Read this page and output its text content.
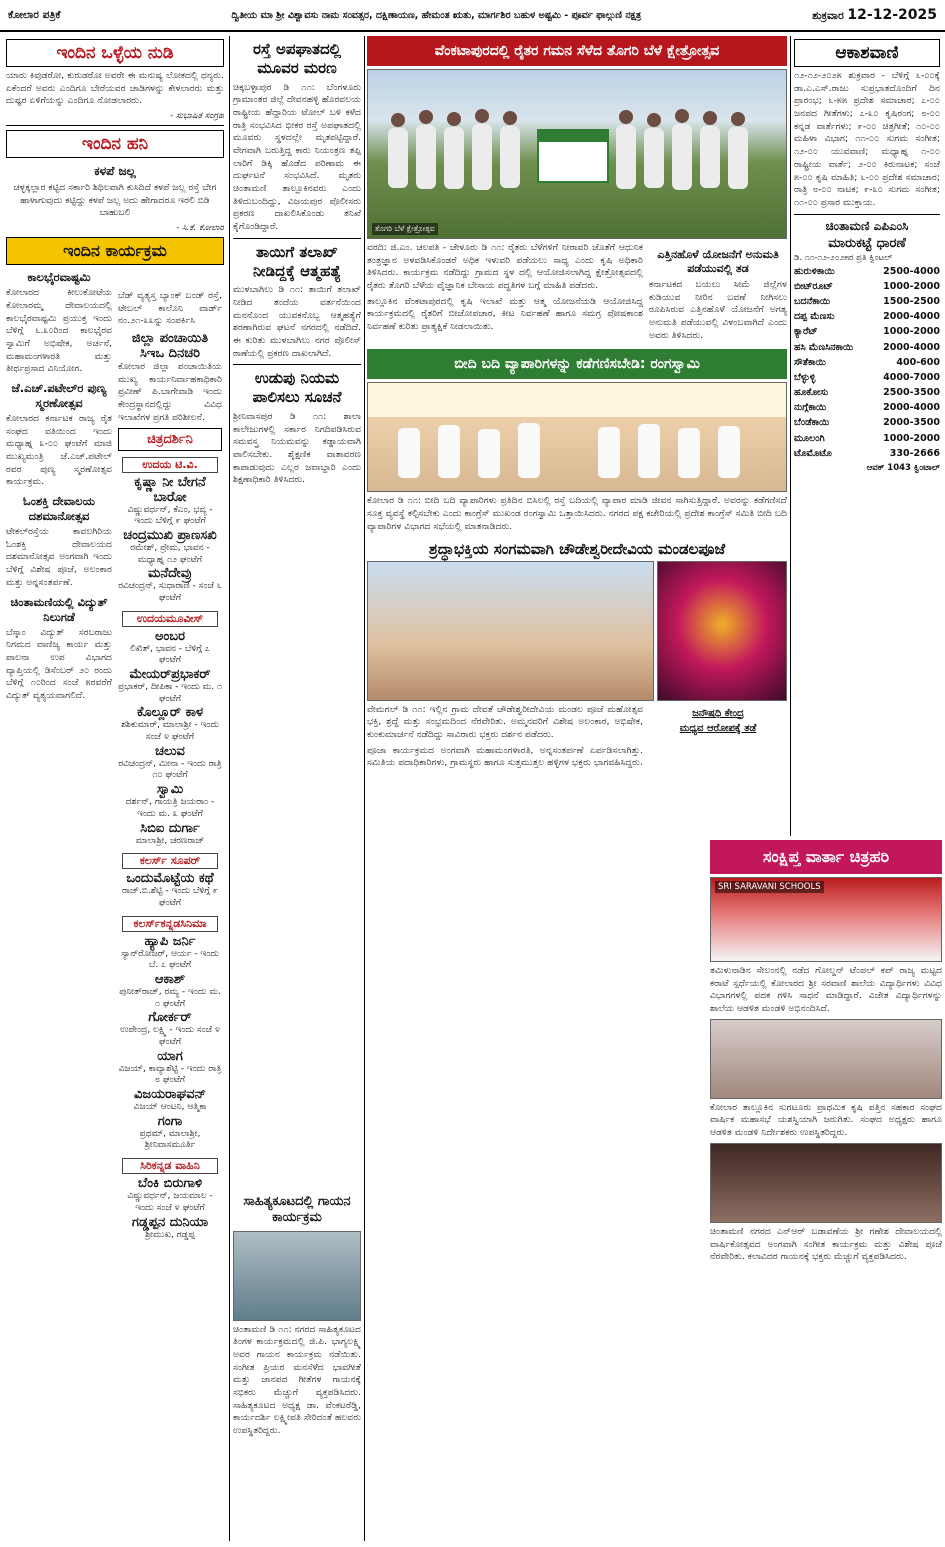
ಕೋಲಾರ ಪತ್ರಿಕೆ	ದ್ವಿತೀಯ ಮಾ ಶ್ರೀ ವಿಶ್ವಾವಸು ನಾಮ ಸಂವತ್ಸರ, ದಕ್ಷಿಣಾಯಣ, ಹೇಮಂತ ಋತು, ಮಾರ್ಗಶಿರ ಬಹುಳ ಅಷ್ಟಮಿ - ಪೂರ್ವ ಫಾಲ್ಗುಣಿ ನಕ್ಷತ್ರ	ಶುಕ್ರವಾರ 12-12-2025
ಇಂದಿನ ಒಳ್ಳೆಯ ನುಡಿ
ಯಾರು ಕಿವುಡರೋ, ಕುರುಡರೋ ಅವರೇ ಈ ಮನುಷ್ಯ ಲೋಕದಲ್ಲಿ ಧನ್ಯರು. ಏಕೆಂದರೆ ಅವರು ಎಂದಿಗೂ ಬೇರೆಯವರ ಚಾಡಿಗಳನ್ನು ಕೇಳಲಾರರು ಮತ್ತು ದುಷ್ಟರ ಏಳಿಗೆಯನ್ನು ಎಂದಿಗೂ ನೋಡಲಾರರು.
- ಸುಭಾಷಿತ ಸಂಗ್ರಹ
ಇಂದಿನ ಹನಿ
ಕಳಪೆ ಜಲ್ಲ
ಚಳ್ಳಕ್ಕಲ್ಲಾರ ಕಟ್ಟಿದ ಸರ್ಕಾರಿ ಶಿಥಿಲವಾಗಿ ಕುಸಿದಿದೆ ಕಳಪೆ ಜಲ್ಲ ರಸ್ತೆ ಬೇಗ ಹಾಳಾಗುವುದು ಕಟ್ಟಿದ್ದು ಕಳಪೆ ಜಲ್ಲ ಅದು ಹೇಗಾದರೂ ಇರಲಿ ಬಿಡಿ ಬಾಹುಬಲಿ
- ಸಿ.ಕೆ. ಕೋಲಾರ
ಇಂದಿನ ಕಾರ್ಯಕ್ರಮ
ಕಾಲಭೈರವಾಷ್ಟಮಿ
ಕೋಲಾರದ ಕೀಲುಕೋಟೆಯ ಕೋಲಾರಮ್ಮ ದೇವಾಲಯದಲ್ಲಿ ಕಾಲಭೈರವಾಷ್ಟಮಿ ಪ್ರಯುಕ್ತ ಇಂದು ಬೆಳಿಗ್ಗೆ ೬.೩೦ರಿಂದ ಕಾಲಭೈರವ ಸ್ವಾಮಿಗೆ ಅಭಿಷೇಕ, ಅರ್ಚನೆ, ಮಹಾಮಂಗಳಾರತಿ ಮತ್ತು ತೀರ್ಥಪ್ರಸಾದ ವಿನಿಯೋಗ.
ಜೆ.ಎಚ್.ಪಟೇಲ್‌ರ ಪುಣ್ಯ ಸ್ಮರಣೋತ್ಸವ
ಕೋಲಾರದ ಕರ್ನಾಟಕ ರಾಜ್ಯ ರೈತ ಸಂಘದ ವತಿಯಿಂದ ಇಂದು ಮಧ್ಯಾಹ್ನ ೩-೦೦ ಘಂಟೆಗೆ ಮಾಜಿ ಮುಖ್ಯಮಂತ್ರಿ ಜೆ.ಎಚ್.ಪಟೇಲ್ ರವರ ಪುಣ್ಯ ಸ್ಮರಣೋತ್ಸವ ಕಾರ್ಯಕ್ರಮ.
ಓಂಶಕ್ತಿ ದೇವಾಲಯ ದಶಮಾನೋತ್ಸವ
ಟೇಕಲ್‌ರಸ್ತೆಯ ಕಾವಲಗಿರಿಯ ಓಂಶಕ್ತಿ ದೇವಾಲಯದ ದಶಮಾನೋತ್ಸವ ಅಂಗವಾಗಿ ಇಂದು ಬೆಳಿಗ್ಗೆ ವಿಶೇಷ ಪೂಜೆ, ಅಲಂಕಾರ ಮತ್ತು ಅನ್ನಸಂತರ್ಪಣೆ.
ಚಿಂತಾಮಣಿಯಲ್ಲಿ ವಿದ್ಯುತ್ ನಿಲುಗಡೆ
ಬೆಸ್ಕಾಂ ವಿದ್ಯುತ್ ಸರಬರಾಜು ನಿಗಮದ ವಾಣಿಜ್ಯ ಕಾರ್ಯ ಮತ್ತು ಪಾಲನಾ ಉಪ ವಿಭಾಗದ ವ್ಯಾಪ್ತಿಯಲ್ಲಿ ಡಿಸೆಂಬರ್ ೨೦ ರಂದು ಬೆಳಿಗ್ಗೆ ೧೦ರಿಂದ ಸಂಜೆ ೫ರವರೆಗೆ ವಿದ್ಯುತ್ ವ್ಯತ್ಯಯವಾಗಲಿದೆ.
ಬೆಡ್ ವ್ಯತ್ಯಸ್ತ ಬ್ಯಾಂಕ್ ಬಂಡ್ ರಸ್ತೆ, ಟೇಬಲ್ ಕಾಲೊನಿ ವಾರ್ಡ್ ನಂ.೨೧-೩೩ನ್ನು ಸಂಪರ್ಕಿಸಿ
ಜಿಲ್ಲಾ ಪಂಚಾಯಿತಿ
ಸಿಇಒ ದಿನಚರಿ
ಕೋಲಾರ ಜಿಲ್ಲಾ ಪಂಚಾಯಿತಿಯ ಮುಖ್ಯ ಕಾರ್ಯನಿರ್ವಾಹಕಾಧಿಕಾರಿ ಪ್ರವೀಣ್ ಪಿ.ಬಾಗೇವಾಡಿ ಇಂದು ಕೇಂದ್ರಸ್ಥಾನದಲ್ಲಿದ್ದು ವಿವಿಧ ಇಲಾಖೆಗಳ ಪ್ರಗತಿ ಪರಿಶೀಲನೆ.
ಚಿತ್ರದರ್ಶಿನಿ
ಉದಯ ಟಿ.ವಿ.
ಕೃಷ್ಣಾ ನೀ ಬೇಗನೆ ಬಾರೋ
ವಿಷ್ಣುವರ್ಧನ್, ಕೆಎಂ, ಭವ್ಯ - ಇಂದು ಬೆಳಿಗ್ಗೆ ೯ ಘಂಟೆಗೆ
ಚಂದ್ರಮುಖಿ ಪ್ರಾಣಸಖಿ
ರಮೇಶ್, ಪ್ರೇಮ, ಭಾವನ - ಮಧ್ಯಾಹ್ನ ೧೨ ಘಂಟೆಗೆ
ಮನೆದೇವ್ರು
ರವಿಚಂದ್ರನ್, ಸುಧಾರಾಣಿ - ಸಂಜೆ ೬ ಘಂಟೆಗೆ
ಉದಯಮೂವೀಸ್
ಅಂಬರ
ಲಿಖಿತ್, ಭಾವನ - ಬೆಳಿಗ್ಗೆ ೭ ಘಂಟೆಗೆ
ಮೇಯರ್‌ಪ್ರಭಾಕರ್
ಪ್ರಭಾಕರ್, ದೀಪಿಕಾ - ಇಂದು ಮ. ೧ ಘಂಟೆಗೆ
ಕೊಲ್ಲೂರ್ ಕಾಳ
ಶಶಿಕುಮಾರ್, ಮಾಲಾಶ್ರೀ - ಇಂದು ಸಂಜೆ ೪ ಘಂಟೆಗೆ
ಚಲುವ
ರವಿಚಂದ್ರನ್, ಮೀನಾ - ಇಂದು ರಾತ್ರಿ ೧೦ ಘಂಟೆಗೆ
ಸ್ವಾಮಿ
ದರ್ಶನ್, ಗಾಯತ್ರಿ ಜಯರಾಂ - ಇಂದು ಮ. ೩ ಘಂಟೆಗೆ
ಸಿಬಿಐ ದುರ್ಗಾ
ಮಾಲಾಶ್ರೀ, ಚರಣರಾಜ್
ಕಲರ್ಸ್ ಸೂಪರ್
ಒಂದುಮೊಟ್ಟೆಯ ಕಥೆ
ರಾಜ್.ಬಿ.ಶೆಟ್ಟಿ - ಇಂದು ಬೆಳಿಗ್ಗೆ ೯ ಘಂಟೆಗೆ
ಕಲರ್ಸ್‌ಕನ್ನಡಸಿನಿಮಾ
ಹ್ಯಾಪಿ ಜರ್ನಿ
ಸ್ಯಾನ್‌ರೋಜರ್, ಆರ್ಯ - ಇಂದು ಬೆ. ೭ ಘಂಟೆಗೆ
ಆಕಾಶ್
ಪುನೀತ್‌ರಾಜ್, ರಮ್ಯ - ಇಂದು ಮ. ೧ ಘಂಟೆಗೆ
ಗೋರ್ಕರ್
ಉಪೇಂದ್ರ, ಲಕ್ಷ್ಮಿ - ಇಂದು ಸಂಜೆ ೪ ಘಂಟೆಗೆ
ಯಾಗ
ವಿಜಯ್, ಕಾವ್ಯಾಶೆಟ್ಟಿ - ಇಂದು ರಾತ್ರಿ ೮ ಘಂಟೆಗೆ
ವಿಜಯರಾಘವನ್
ವಿಜಯ್ ಆಂಟನಿ, ಆತ್ಮಿಕಾ
ಗಂಗಾ
ಪ್ರಥಮ್, ಮಾಲಾಶ್ರೀ, ಶ್ರೀನಿವಾಸಮೂರ್ತಿ
ಸಿರಿಕನ್ನಡ ವಾಹಿನಿ
ಬೆಂಕಿ ಬಿರುಗಾಳಿ
ವಿಷ್ಣುವರ್ಧನ್, ಜಯಮಾಲ - ಇಂದು ಸಂಜೆ ೪ ಘಂಟೆಗೆ
ಗಡ್ಡಪ್ಪನ ದುನಿಯಾ
ಶ್ರೀಮುಖ, ಗಡ್ಡಪ್ಪ
ರಸ್ತೆ ಅಪಘಾತದಲ್ಲಿ ಮೂವರ ಮರಣ
ಚಿಕ್ಕಬಳ್ಳಾಪುರ ಡಿ ೧೧: ಬೆಂಗಳೂರು ಗ್ರಾಮಾಂತರ ಜಿಲ್ಲೆ ದೇವನಹಳ್ಳಿ ಹೊರವಲಯ ರಾಷ್ಟ್ರೀಯ ಹೆದ್ದಾರಿಯ ಟೋಲ್ ಬಳಿ ಕಳೆದ ರಾತ್ರಿ ಸಂಭವಿಸಿದ ಭೀಕರ ರಸ್ತೆ ಅಪಘಾತದಲ್ಲಿ ಮೂವರು ಸ್ಥಳದಲ್ಲೇ ಮೃತಪಟ್ಟಿದ್ದಾರೆ. ವೇಗವಾಗಿ ಬರುತ್ತಿದ್ದ ಕಾರು ನಿಯಂತ್ರಣ ತಪ್ಪಿ ಲಾರಿಗೆ ಡಿಕ್ಕಿ ಹೊಡೆದ ಪರಿಣಾಮ ಈ ದುರ್ಘಟನೆ ಸಂಭವಿಸಿದೆ. ಮೃತರು ಚಿಂತಾಮಣಿ ತಾಲ್ಲೂಕಿನವರು ಎಂದು ತಿಳಿದುಬಂದಿದ್ದು, ವಿಜಯಪುರ ಪೊಲೀಸರು ಪ್ರಕರಣ ದಾಖಲಿಸಿಕೊಂಡು ತನಿಖೆ ಕೈಗೊಂಡಿದ್ದಾರೆ.
ತಾಯಿಗೆ ತಲಾಖ್ ನೀಡಿದ್ದಕ್ಕೆ ಆತ್ಮಹತ್ಯೆ
ಮುಳಬಾಗಿಲು ಡಿ ೧೧: ತಾಯಿಗೆ ತಲಾಖ್ ನೀಡಿದ ತಂದೆಯ ವರ್ತನೆಯಿಂದ ಮನನೊಂದ ಯುವಕನೊಬ್ಬ ಆತ್ಮಹತ್ಯೆಗೆ ಶರಣಾಗಿರುವ ಘಟನೆ ನಗರದಲ್ಲಿ ನಡೆದಿದೆ. ಈ ಕುರಿತು ಮುಳಬಾಗಿಲು ನಗರ ಪೊಲೀಸ್ ಠಾಣೆಯಲ್ಲಿ ಪ್ರಕರಣ ದಾಖಲಾಗಿದೆ.
ಉಡುಪು ನಿಯಮ ಪಾಲಿಸಲು ಸೂಚನೆ
ಶ್ರೀನಿವಾಸಪುರ ಡಿ ೧೧: ಶಾಲಾ ಕಾಲೇಜುಗಳಲ್ಲಿ ಸರ್ಕಾರ ನಿಗದಿಪಡಿಸಿರುವ ಸಮವಸ್ತ್ರ ನಿಯಮವನ್ನು ಕಡ್ಡಾಯವಾಗಿ ಪಾಲಿಸಬೇಕು. ಶೈಕ್ಷಣಿಕ ವಾತಾವರಣ ಕಾಪಾಡುವುದು ಎಲ್ಲರ ಜವಾಬ್ದಾರಿ ಎಂದು ಶಿಕ್ಷಣಾಧಿಕಾರಿ ತಿಳಿಸಿದರು.
ವೆಂಕಟಾಪುರದಲ್ಲಿ ರೈತರ ಗಮನ ಸೆಳೆದ ತೊಗರಿ ಬೆಳೆ ಕ್ಷೇತ್ರೋತ್ಸವ
ತೊಗರಿ ಬೆಳೆ ಕ್ಷೇತ್ರೋತ್ಸವ
ವರದಿ: ಜಿ.ಎಂ. ಚಲಪತಿ - ಚೇಳೂರು ಡಿ ೧೧: ರೈತರು ಬೆಳೆಗಳಿಗೆ ನೀರಾವರಿ ಜೊತೆಗೆ ಆಧುನಿಕ ತಂತ್ರಜ್ಞಾನ ಅಳವಡಿಸಿಕೊಂಡರೆ ಅಧಿಕ ಇಳುವರಿ ಪಡೆಯಲು ಸಾಧ್ಯ ಎಂದು ಕೃಷಿ ಅಧಿಕಾರಿ ತಿಳಿಸಿದರು. ಕಾರ್ಯಕ್ರಮ ನಡೆದಿದ್ದು ಗ್ರಾಮದ ಸ್ಥಳ ದಲ್ಲಿ ಆಯೋಜಿಸಲಾಗಿದ್ದ ಕ್ಷೇತ್ರೋತ್ಸವದಲ್ಲಿ ರೈತರು ತೊಗರಿ ಬೆಳೆಯ ವೈಜ್ಞಾನಿಕ ಬೇಸಾಯ ಪದ್ಧತಿಗಳ ಬಗ್ಗೆ ಮಾಹಿತಿ ಪಡೆದರು.
ತಾಲ್ಲೂಕಿನ ವೆಂಕಟಾಪುರದಲ್ಲಿ ಕೃಷಿ ಇಲಾಖೆ ಮತ್ತು ಆತ್ಮ ಯೋಜನೆಯಡಿ ಆಯೋಜಿಸಿದ್ದ ಕಾರ್ಯಕ್ರಮದಲ್ಲಿ ರೈತರಿಗೆ ಬೀಜೋಪಚಾರ, ಕೀಟ ನಿರ್ವಹಣೆ ಹಾಗೂ ಸಮಗ್ರ ಪೋಷಕಾಂಶ ನಿರ್ವಹಣೆ ಕುರಿತು ಪ್ರಾತ್ಯಕ್ಷಿಕೆ ನೀಡಲಾಯಿತು.
ಎತ್ತಿನಹೊಳೆ ಯೋಜನೆಗೆ ಅನುಮತಿ ಪಡೆಯುವಲ್ಲಿ ತಡ
ಕರ್ನಾಟಕದ ಬಯಲು ಸೀಮೆ ಜಿಲ್ಲೆಗಳ ಕುಡಿಯುವ ನೀರಿನ ಬವಣೆ ನೀಗಿಸಲು ರೂಪಿಸಿರುವ ಎತ್ತಿನಹೊಳೆ ಯೋಜನೆಗೆ ಅಗತ್ಯ ಅನುಮತಿ ಪಡೆಯುವಲ್ಲಿ ವಿಳಂಬವಾಗಿದೆ ಎಂದು ಅವರು ತಿಳಿಸಿದರು.
ಬೀದಿ ಬದಿ ವ್ಯಾಪಾರಿಗಳನ್ನು ಕಡೆಗಣಿಸಬೇಡಿ: ರಂಗಸ್ವಾಮಿ
ಕೋಲಾರ ಡಿ ೧೧: ಬೀದಿ ಬದಿ ವ್ಯಾಪಾರಿಗಳು ಪ್ರತಿದಿನ ಬಿಸಿಲಲ್ಲಿ ರಸ್ತೆ ಬದಿಯಲ್ಲಿ ವ್ಯಾಪಾರ ಮಾಡಿ ಜೀವನ ಸಾಗಿಸುತ್ತಿದ್ದಾರೆ. ಅವರನ್ನು ಕಡೆಗಣಿಸದೆ ಸೂಕ್ತ ವ್ಯವಸ್ಥೆ ಕಲ್ಪಿಸಬೇಕು ಎಂದು ಕಾಂಗ್ರೆಸ್ ಮುಖಂಡ ರಂಗಸ್ವಾಮಿ ಒತ್ತಾಯಿಸಿದರು. ನಗರದ ಪಕ್ಷ ಕಚೇರಿಯಲ್ಲಿ ಪ್ರದೇಶ ಕಾಂಗ್ರೆಸ್ ಸಮಿತಿ ಬೀದಿ ಬದಿ ವ್ಯಾಪಾರಿಗಳ ವಿಭಾಗದ ಸಭೆಯಲ್ಲಿ ಮಾತನಾಡಿದರು.
ಶ್ರದ್ಧಾಭಕ್ತಿಯ ಸಂಗಮವಾಗಿ ಚೌಡೇಶ್ವರೀದೇವಿಯ ಮಂಡಲಪೂಜೆ
ವೇಮಗಲ್ ಡಿ ೧೧: ಇಲ್ಲಿನ ಗ್ರಾಮ ದೇವತೆ ಚೌಡೇಶ್ವರೀದೇವಿಯ ಮಂಡಲ ಪೂಜೆ ಮಹೋತ್ಸವ ಭಕ್ತಿ, ಶ್ರದ್ಧೆ ಮತ್ತು ಸಂಭ್ರಮದಿಂದ ನೆರವೇರಿತು. ಅಮ್ಮನವರಿಗೆ ವಿಶೇಷ ಅಲಂಕಾರ, ಅಭಿಷೇಕ, ಕುಂಕುಮಾರ್ಚನೆ ನಡೆದಿದ್ದು ಸಾವಿರಾರು ಭಕ್ತರು ದರ್ಶನ ಪಡೆದರು.
ಪೂಜಾ ಕಾರ್ಯಕ್ರಮದ ಅಂಗವಾಗಿ ಮಹಾಮಂಗಳಾರತಿ, ಅನ್ನಸಂತರ್ಪಣೆ ಏರ್ಪಡಿಸಲಾಗಿತ್ತು. ಸಮಿತಿಯ ಪದಾಧಿಕಾರಿಗಳು, ಗ್ರಾಮಸ್ಥರು ಹಾಗೂ ಸುತ್ತಮುತ್ತಲ ಹಳ್ಳಿಗಳ ಭಕ್ತರು ಭಾಗವಹಿಸಿದ್ದರು.
ಜನೌಷಧಿ ಕೇಂದ್ರ
ಮಧ್ಯವ ಆರೋಪಕ್ಕೆ ತಡೆ
ಸಾಹಿತ್ಯಕೂಟದಲ್ಲಿ ಗಾಯನ ಕಾರ್ಯಕ್ರಮ
ಚಿಂತಾಮಣಿ ಡಿ ೧೧: ನಗರದ ಸಾಹಿತ್ಯಕೂಟದ ತಿಂಗಳ ಕಾರ್ಯಕ್ರಮದಲ್ಲಿ ಜಿ.ಪಿ. ಭಾಗ್ಯಲಕ್ಷ್ಮಿ ಅವರ ಗಾಯನ ಕಾರ್ಯಕ್ರಮ ನಡೆಯಿತು. ಸಂಗೀತ ಪ್ರಿಯರ ಮನಸೆಳೆದ ಭಾವಗೀತೆ ಮತ್ತು ಜಾನಪದ ಗೀತೆಗಳ ಗಾಯನಕ್ಕೆ ಸಭಿಕರು ಮೆಚ್ಚುಗೆ ವ್ಯಕ್ತಪಡಿಸಿದರು. ಸಾಹಿತ್ಯಕೂಟದ ಅಧ್ಯಕ್ಷ ಡಾ. ವೆಂಕಟರೆಡ್ಡಿ, ಕಾರ್ಯದರ್ಶಿ ಲಕ್ಷ್ಮೀಪತಿ ಸೇರಿದಂತೆ ಹಲವರು ಉಪಸ್ಥಿತರಿದ್ದರು.
ಆಕಾಶವಾಣಿ
೧೨-೧೨-೨೦೨೫ ಶುಕ್ರವಾರ - ಬೆಳಿಗ್ಗೆ ೬-೦೦ಕ್ಕೆ ಡಾ.ಎ.ಎಸ್.ರಾಜು ಸುಪ್ರಭಾತದೊಂದಿಗೆ ದಿನ ಪ್ರಾರಂಭ; ೬-೫೫ ಪ್ರದೇಶ ಸಮಾಚಾರ; ೭-೦೦ ಜನಪದ ಗೀತೆಗಳು; ೭-೩೦ ಕೃಷಿರಂಗ; ೮-೦೦ ಕನ್ನಡ ವಾರ್ತೆಗಳು; ೯-೦೦ ಚಿತ್ರಗೀತೆ; ೧೦-೦೦ ಮಹಿಳಾ ವಿಭಾಗ; ೧೧-೦೦ ಸುಗಮ ಸಂಗೀತ; ೧೨-೦೦ ಯುವವಾಣಿ; ಮಧ್ಯಾಹ್ನ ೧-೦೦ ರಾಷ್ಟ್ರೀಯ ವಾರ್ತೆ; ೨-೦೦ ಕಿರುನಾಟಕ; ಸಂಜೆ ೫-೦೦ ಕೃಷಿ ಮಾಹಿತಿ; ೬-೦೦ ಪ್ರದೇಶ ಸಮಾಚಾರ; ರಾತ್ರಿ ೮-೦೦ ನಾಟಕ; ೯-೩೦ ಸುಗಮ ಸಂಗೀತ; ೧೧-೦೦ ಪ್ರಸಾರ ಮುಕ್ತಾಯ.
ಚಿಂತಾಮಣಿ ಎಪಿಎಂಸಿ
ಮಾರುಕಟ್ಟೆ ಧಾರಣೆ
ಡಿ. ೧೧-೧೨-೨೦೨೫ರ ಪ್ರತಿ ಕ್ವಿಂಟಲ್
ಹುರುಳಿಕಾಯಿ	2500-4000
ಬೀಟ್‌ರೂಟ್	1000-2000
ಬದನೆಕಾಯಿ	1500-2500
ದಪ್ಪ ಮೆಣಸು	2000-4000
ಕ್ಯಾರೆಟ್	1000-2000
ಹಸಿ ಮೆಣಸಿನಕಾಯಿ	2000-4000
ಸೌತೆಕಾಯಿ	400-600
ಬೆಳ್ಳುಳ್ಳಿ	4000-7000
ಹೂಕೋಸು	2500-3500
ನುಗ್ಗೆಕಾಯಿ	2000-4000
ಬೆಂಡೆಕಾಯಿ	2000-3500
ಮೂಲಂಗಿ	1000-2000
ಟೊಮೊಟೊ	330-2666
ಆವಕ್ 1043 ಕ್ವಿಂಟಾಲ್
ಸಂಕ್ಷಿಪ್ತ ವಾರ್ತಾ ಚಿತ್ರಹರಿ
SRI SARAVANI SCHOOLS
ತಮಿಳುನಾಡಿನ ಸೇಲಂನಲ್ಲಿ ನಡೆದ ಗೋಲ್ಡನ್ ಟೆಂಪಲ್ ಕಪ್ ರಾಜ್ಯ ಮಟ್ಟದ ಕರಾಟೆ ಸ್ಪರ್ಧೆಯಲ್ಲಿ ಕೋಲಾರದ ಶ್ರೀ ಸರವಾಣಿ ಶಾಲೆಯ ವಿದ್ಯಾರ್ಥಿಗಳು ವಿವಿಧ ವಿಭಾಗಗಳಲ್ಲಿ ಪದಕ ಗಳಿಸಿ ಸಾಧನೆ ಮಾಡಿದ್ದಾರೆ. ವಿಜೇತ ವಿದ್ಯಾರ್ಥಿಗಳನ್ನು ಶಾಲೆಯ ಆಡಳಿತ ಮಂಡಳಿ ಅಭಿನಂದಿಸಿದೆ.
ಕೋಲಾರ ತಾಲ್ಲೂಕಿನ ಸುಗಟೂರು ಪ್ರಾಥಮಿಕ ಕೃಷಿ ಪತ್ತಿನ ಸಹಕಾರ ಸಂಘದ ವಾರ್ಷಿಕ ಮಹಾಸಭೆ ಯಶಸ್ವಿಯಾಗಿ ಜರುಗಿತು. ಸಂಘದ ಅಧ್ಯಕ್ಷರು ಹಾಗೂ ಆಡಳಿತ ಮಂಡಳಿ ನಿರ್ದೇಶಕರು ಉಪಸ್ಥಿತರಿದ್ದರು.
ಚಿಂತಾಮಣಿ ನಗರದ ಎನ್‌ಆರ್ ಬಡಾವಣೆಯ ಶ್ರೀ ಗಣೇಶ ದೇವಾಲಯದಲ್ಲಿ ವಾರ್ಷಿಕೋತ್ಸವದ ಅಂಗವಾಗಿ ಸಂಗೀತ ಕಾರ್ಯಕ್ರಮ ಮತ್ತು ವಿಶೇಷ ಪೂಜೆ ನೆರವೇರಿತು. ಕಲಾವಿದರ ಗಾಯನಕ್ಕೆ ಭಕ್ತರು ಮೆಚ್ಚುಗೆ ವ್ಯಕ್ತಪಡಿಸಿದರು.
